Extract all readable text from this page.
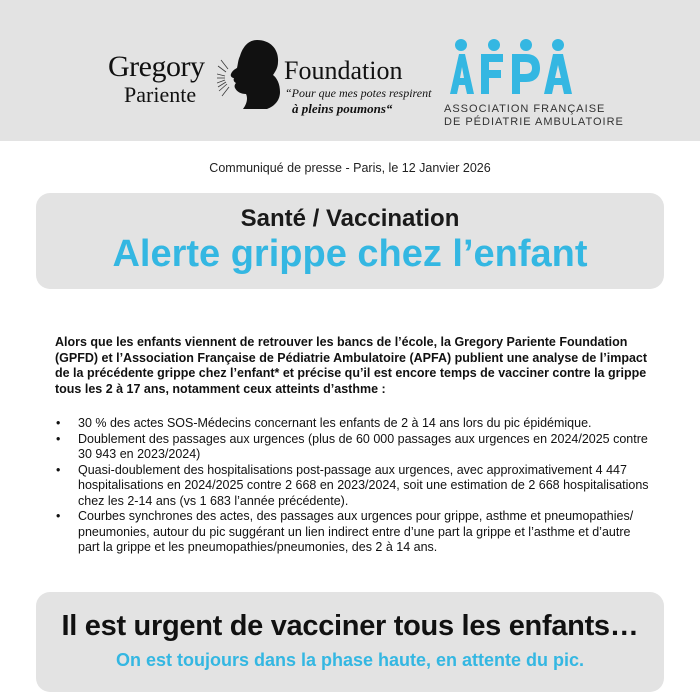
Gregory
Pariente
Foundation
“Pour que mes potes respirent
à pleins poumons“	ASSOCIATION FRANÇAISE
DE PÉDIATRIE AMBULATOIRE
Communiqué de presse - Paris, le 12 Janvier 2026
Santé / Vaccination
Alerte grippe chez l’enfant
Alors que les enfants viennent de retrouver les bancs de l’école, la Gregory Pariente Foundation (GPFD) et l’Association Française de Pédiatrie Ambulatoire (APFA) publient une analyse de l’impact de la précédente grippe chez l’enfant* et précise qu’il est encore temps de vacciner contre la grippe tous les 2 à 17 ans, notamment ceux atteints d’asthme :
• 30 % des actes SOS-Médecins concernant les enfants de 2 à 14 ans lors du pic épidémique.
• Doublement des passages aux urgences (plus de 60 000 passages aux urgences en 2024/2025 contre 30 943 en 2023/2024)
• Quasi-doublement des hospitalisations post-passage aux urgences, avec approximativement 4 447 hospitalisations en 2024/2025 contre 2 668 en 2023/2024, soit une estimation de 2 668 hospitalisations chez les 2-14 ans (vs 1 683 l’année précédente).
• Courbes synchrones des actes, des passages aux urgences pour grippe, asthme et pneumopathies/ pneumonies, autour du pic suggérant un lien indirect entre d’une part la grippe et l’asthme et d’autre part la grippe et les pneumopathies/pneumonies, des 2 à 14 ans.
Il est urgent de vacciner tous les enfants…
On est toujours dans la phase haute, en attente du pic.
